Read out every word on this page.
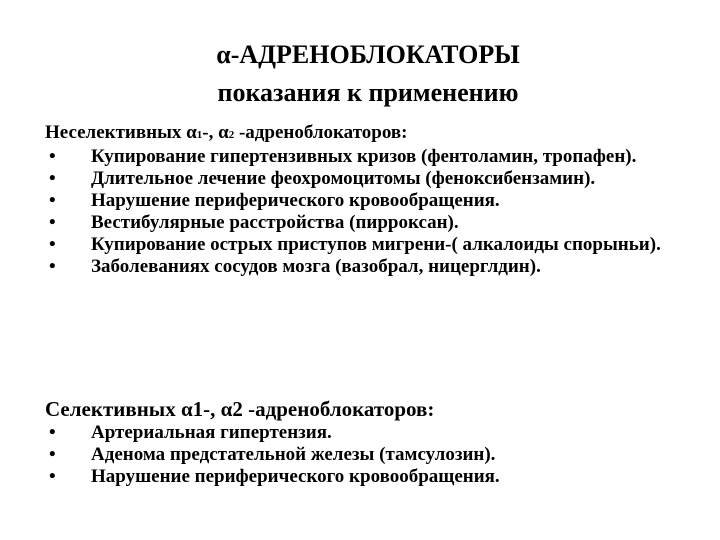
α-АДРЕНОБЛОКАТОРЫ
показания к применению

Неселективных α1-, α2 -адреноблокаторов:

• Купирование гипертензивных кризов (фентоламин, тропафен).
• Длительное лечение феохромоцитомы (феноксибензамин).
• Нарушение периферического кровообращения.
• Вестибулярные расстройства (пирроксан).
• Купирование острых приступов мигрени-( алкалоиды спорыньи).
• Заболеваниях сосудов мозга (вазобрал, ницерглдин).

Селективных α1-, α2 -адреноблокаторов:

• Артериальная гипертензия.
• Аденома предстательной железы (тамсулозин).
• Нарушение периферического кровообращения.
